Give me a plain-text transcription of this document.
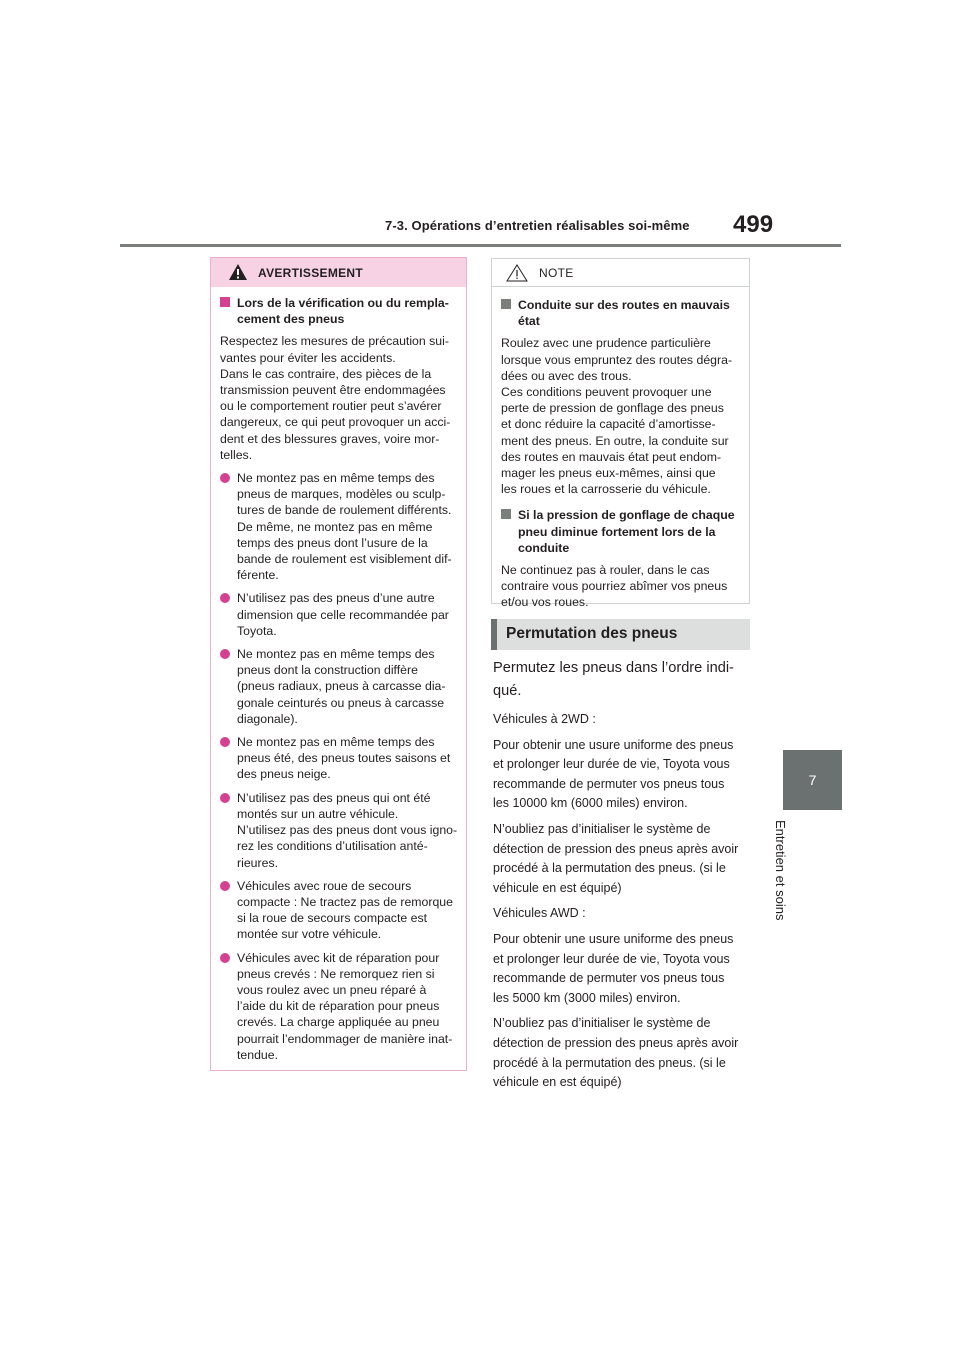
7-3. Opérations d’entretien réalisables soi-même 499
7
Entretien et soins
AVERTISSEMENT
Lors de la vérification ou du rempla-cement des pneus
Respectez les mesures de précaution sui-
vantes pour éviter les accidents.
Dans le cas contraire, des pièces de la
transmission peuvent être endommagées
ou le comportement routier peut s’avérer
dangereux, ce qui peut provoquer un acci-
dent et des blessures graves, voire mor-
telles.
Ne montez pas en même temps des
pneus de marques, modèles ou sculp-
tures de bande de roulement différents.
De même, ne montez pas en même
temps des pneus dont l’usure de la
bande de roulement est visiblement dif-
férente.
N’utilisez pas des pneus d’une autre
dimension que celle recommandée par
Toyota.
Ne montez pas en même temps des
pneus dont la construction diffère
(pneus radiaux, pneus à carcasse dia-
gonale ceinturés ou pneus à carcasse
diagonale).
Ne montez pas en même temps des
pneus été, des pneus toutes saisons et
des pneus neige.
N’utilisez pas des pneus qui ont été
montés sur un autre véhicule.
N’utilisez pas des pneus dont vous igno-
rez les conditions d’utilisation anté-
rieures.
Véhicules avec roue de secours
compacte : Ne tractez pas de remorque
si la roue de secours compacte est
montée sur votre véhicule.
Véhicules avec kit de réparation pour
pneus crevés : Ne remorquez rien si
vous roulez avec un pneu réparé à
l’aide du kit de réparation pour pneus
crevés. La charge appliquée au pneu
pourrait l’endommager de manière inat-
tendue.
NOTE
Conduite sur des routes en mauvais
état
Roulez avec une prudence particulière
lorsque vous empruntez des routes dégra-
dées ou avec des trous.
Ces conditions peuvent provoquer une
perte de pression de gonflage des pneus
et donc réduire la capacité d’amortisse-
ment des pneus. En outre, la conduite sur
des routes en mauvais état peut endom-
mager les pneus eux-mêmes, ainsi que
les roues et la carrosserie du véhicule.
Si la pression de gonflage de chaque
pneu diminue fortement lors de la
conduite
Ne continuez pas à rouler, dans le cas
contraire vous pourriez abîmer vos pneus
et/ou vos roues.
Permutation des pneus
Permutez les pneus dans l’ordre indi-
qué.
Véhicules à 2WD :
Pour obtenir une usure uniforme des pneus
et prolonger leur durée de vie, Toyota vous
recommande de permuter vos pneus tous
les 10000 km (6000 miles) environ.
N’oubliez pas d’initialiser le système de
détection de pression des pneus après avoir
procédé à la permutation des pneus. (si le
véhicule en est équipé)
Véhicules AWD :
Pour obtenir une usure uniforme des pneus
et prolonger leur durée de vie, Toyota vous
recommande de permuter vos pneus tous
les 5000 km (3000 miles) environ.
N’oubliez pas d’initialiser le système de
détection de pression des pneus après avoir
procédé à la permutation des pneus. (si le
véhicule en est équipé)
